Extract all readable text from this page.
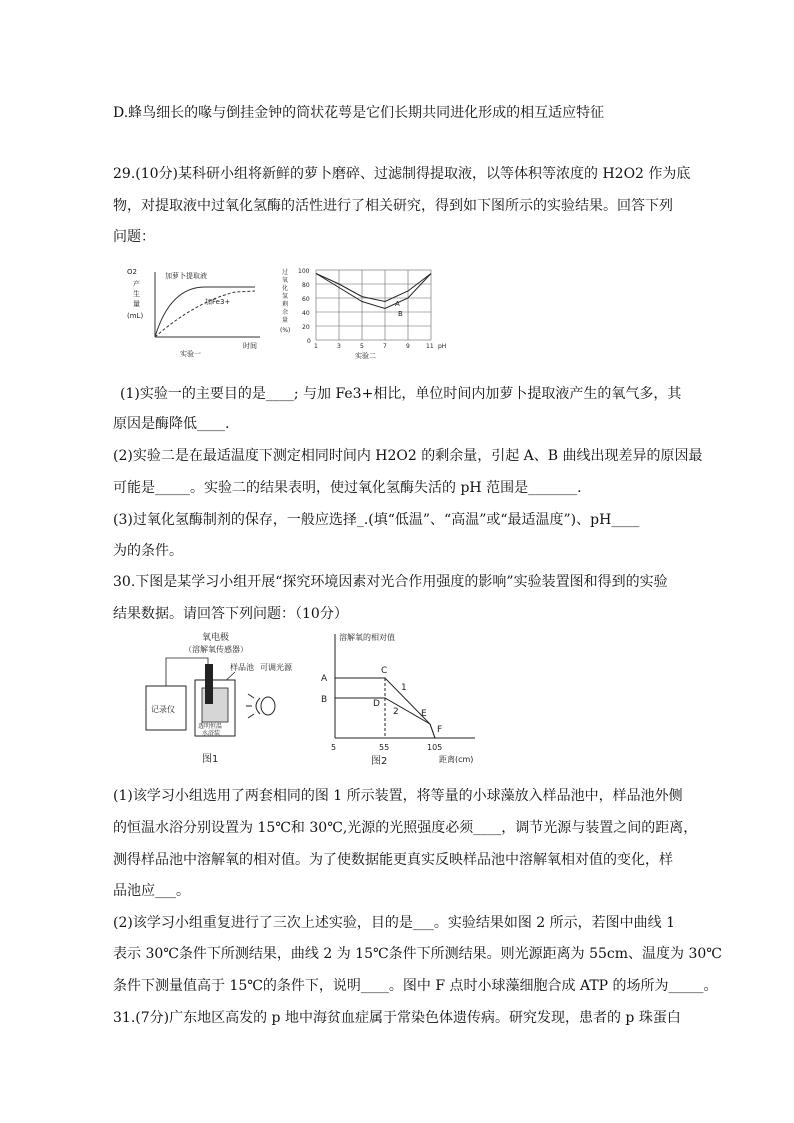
D.蜂鸟细长的喙与倒挂金钟的筒状花萼是它们长期共同进化形成的相互适应特征
29.(10分)某科研小组将新鲜的萝卜磨碎、过滤制得提取液，以等体积等浓度的 H2O2 作为底
物，对提取液中过氧化氢酶的活性进行了相关研究，得到如下图所示的实验结果。回答下列
问题：
O2
产
生
量
(mL)
加萝卜提取液
加Fe3+
时间
实验一
过
氧
化
氢
剩
余
量
(%)
100
80
60
40
20
0
1	3	5	7	9	11 pH
A
B
实验二
(1)实验一的主要目的是____; 与加 Fe3+相比，单位时间内加萝卜提取液产生的氧气多，其
原因是酶降低____.
(2)实验二是在最适温度下测定相同时间内 H2O2 的剩余量，引起 A、B 曲线出现差异的原因最
可能是_____。实验二的结果表明，使过氧化氢酶失活的 pH 范围是_______.
(3)过氧化氢酶制剂的保存，一般应选择_.(填“低温”、“高温”或“最适温度”)、pH____
为的条件。
30.下图是某学习小组开展“探究环境因素对光合作用强度的影响”实验装置图和得到的实验
结果数据。请回答下列问题：（10分）
氧电极
（溶解氧传感器）
样品池 可调光源
记录仪
透明恒温
水浴装
图1
溶解氧的相对值
A
B
C
D
E
F
1
2
5	55	105
距离(cm)
图2
(1)该学习小组选用了两套相同的图 1 所示装置，将等量的小球藻放入样品池中，样品池外侧
的恒温水浴分别设置为 15℃和 30℃,光源的光照强度必须____，调节光源与装置之间的距离，
测得样品池中溶解氧的相对值。为了使数据能更真实反映样品池中溶解氧相对值的变化，样
品池应___。
(2)该学习小组重复进行了三次上述实验，目的是___。实验结果如图 2 所示，若图中曲线 1
表示 30℃条件下所测结果，曲线 2 为 15℃条件下所测结果。则光源距离为 55cm、温度为 30℃
条件下测量值高于 15℃的条件下，说明____。图中 F 点时小球藻细胞合成 ATP 的场所为_____。
31.(7分)广东地区高发的 p 地中海贫血症属于常染色体遗传病。研究发现，患者的 p 珠蛋白
